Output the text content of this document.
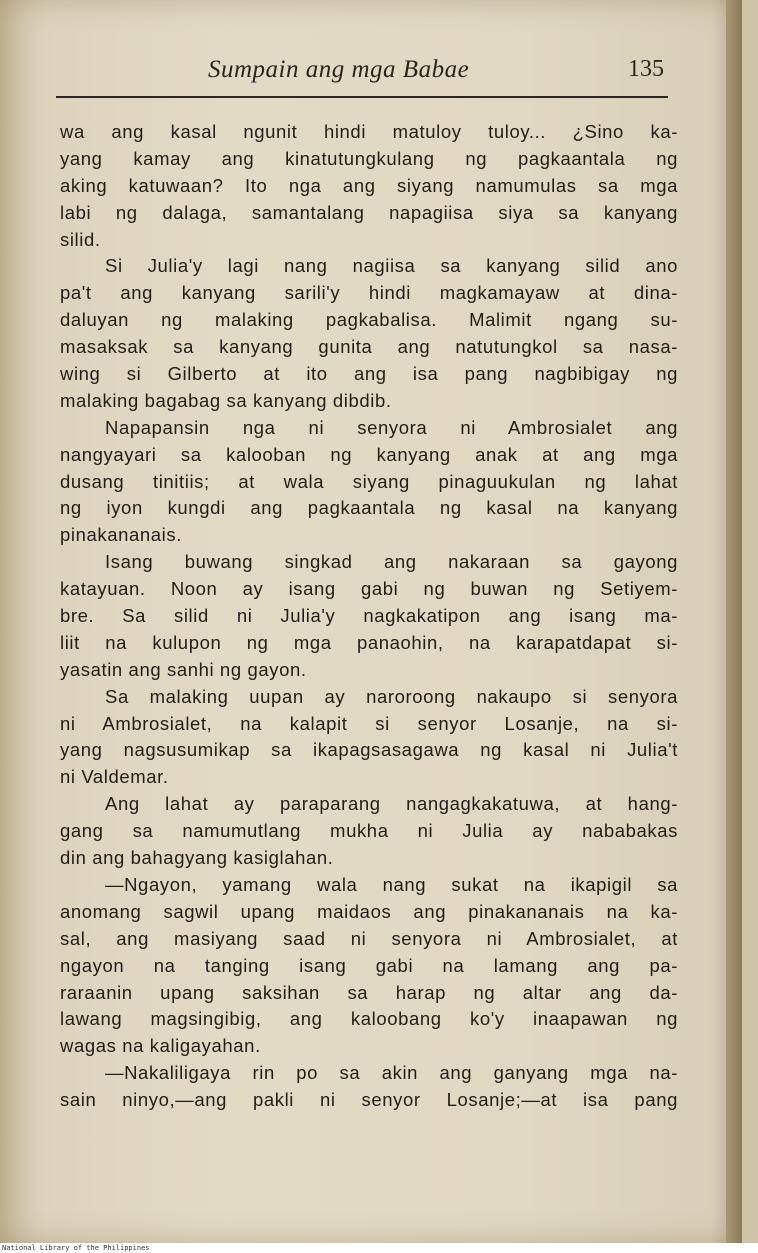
Sumpain ang mga Babae	135
wa ang kasal ngunit hindi matuloy tuloy... ¿Sino ka-
yang kamay ang kinatutungkulang ng pagkaantala ng
aking katuwaan? Ito nga ang siyang namumulas sa mga
labi ng dalaga, samantalang napagiisa siya sa kanyang
silid.
Si Julia'y lagi nang nagiisa sa kanyang silid ano
pa't ang kanyang sarili'y hindi magkamayaw at dina-
daluyan ng malaking pagkabalisa. Malimit ngang su-
masaksak sa kanyang gunita ang natutungkol sa nasa-
wing si Gilberto at ito ang isa pang nagbibigay ng
malaking bagabag sa kanyang dibdib.
Napapansin nga ni senyora ni Ambrosialet ang
nangyayari sa kalooban ng kanyang anak at ang mga
dusang tinitiis; at wala siyang pinaguukulan ng lahat
ng iyon kungdi ang pagkaantala ng kasal na kanyang
pinakananais.
Isang buwang singkad ang nakaraan sa gayong
katayuan. Noon ay isang gabi ng buwan ng Setiyem-
bre. Sa silid ni Julia'y nagkakatipon ang isang ma-
liit na kulupon ng mga panaohin, na karapatdapat si-
yasatin ang sanhi ng gayon.
Sa malaking uupan ay naroroong nakaupo si senyora
ni Ambrosialet, na kalapit si senyor Losanje, na si-
yang nagsusumikap sa ikapagsasagawa ng kasal ni Julia't
ni Valdemar.
Ang lahat ay paraparang nangagkakatuwa, at hang-
gang sa namumutlang mukha ni Julia ay nababakas
din ang bahagyang kasiglahan.
—Ngayon, yamang wala nang sukat na ikapigil sa
anomang sagwil upang maidaos ang pinakananais na ka-
sal, ang masiyang saad ni senyora ni Ambrosialet, at
ngayon na tanging isang gabi na lamang ang pa-
raraanin upang saksihan sa harap ng altar ang da-
lawang magsingibig, ang kaloobang ko'y inaapawan ng
wagas na kaligayahan.
—Nakaliligaya rin po sa akin ang ganyang mga na-
sain ninyo,—ang pakli ni senyor Losanje;—at isa pang
National Library of the Philippines
